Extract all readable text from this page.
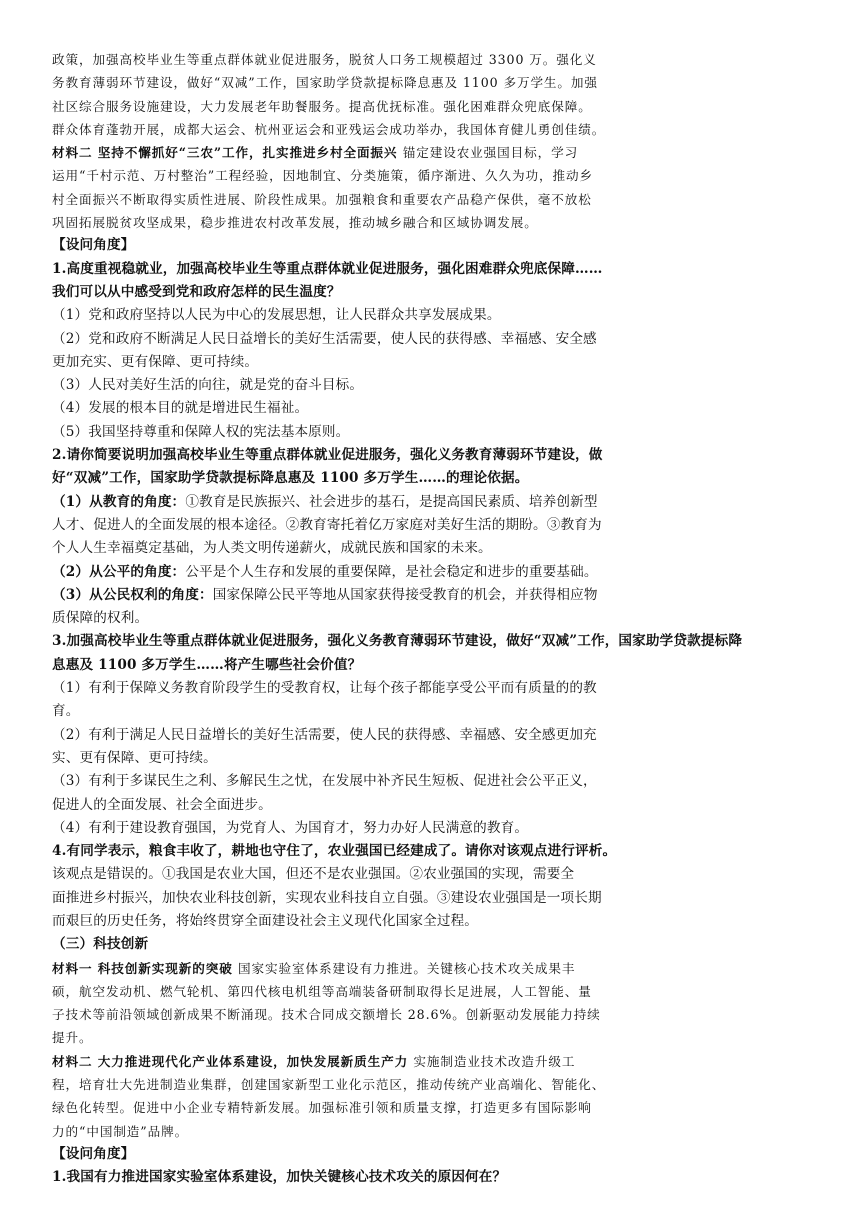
政策，加强高校毕业生等重点群体就业促进服务，脱贫人口务工规模超过 3300 万。强化义
务教育薄弱环节建设，做好“双减”工作，国家助学贷款提标降息惠及 1100 多万学生。加强
社区综合服务设施建设，大力发展老年助餐服务。提高优抚标准。强化困难群众兜底保障。
群众体育蓬勃开展，成都大运会、杭州亚运会和亚残运会成功举办，我国体育健儿勇创佳绩。
材料二 坚持不懈抓好“三农”工作，扎实推进乡村全面振兴 锚定建设农业强国目标，学习
运用“千村示范、万村整治”工程经验，因地制宜、分类施策，循序渐进、久久为功，推动乡
村全面振兴不断取得实质性进展、阶段性成果。加强粮食和重要农产品稳产保供，毫不放松
巩固拓展脱贫攻坚成果，稳步推进农村改革发展，推动城乡融合和区域协调发展。
【设问角度】
1.高度重视稳就业，加强高校毕业生等重点群体就业促进服务，强化困难群众兜底保障……
我们可以从中感受到党和政府怎样的民生温度？
（1）党和政府坚持以人民为中心的发展思想，让人民群众共享发展成果。
（2）党和政府不断满足人民日益增长的美好生活需要，使人民的获得感、幸福感、安全感
更加充实、更有保障、更可持续。
（3）人民对美好生活的向往，就是党的奋斗目标。
（4）发展的根本目的就是增进民生福祉。
（5）我国坚持尊重和保障人权的宪法基本原则。
2.请你简要说明加强高校毕业生等重点群体就业促进服务，强化义务教育薄弱环节建设，做
好“双减”工作，国家助学贷款提标降息惠及 1100 多万学生……的理论依据。
（1）从教育的角度：①教育是民族振兴、社会进步的基石，是提高国民素质、培养创新型
人才、促进人的全面发展的根本途径。②教育寄托着亿万家庭对美好生活的期盼。③教育为
个人人生幸福奠定基础，为人类文明传递薪火，成就民族和国家的未来。
（2）从公平的角度：公平是个人生存和发展的重要保障，是社会稳定和进步的重要基础。
（3）从公民权利的角度：国家保障公民平等地从国家获得接受教育的机会，并获得相应物
质保障的权利。
3.加强高校毕业生等重点群体就业促进服务，强化义务教育薄弱环节建设，做好“双减”工作，国家助学贷款提标降
息惠及 1100 多万学生……将产生哪些社会价值？
（1）有利于保障义务教育阶段学生的受教育权，让每个孩子都能享受公平而有质量的的教
育。
（2）有利于满足人民日益增长的美好生活需要，使人民的获得感、幸福感、安全感更加充
实、更有保障、更可持续。
（3）有利于多谋民生之利、多解民生之忧，在发展中补齐民生短板、促进社会公平正义，
促进人的全面发展、社会全面进步。
（4）有利于建设教育强国，为党育人、为国育才，努力办好人民满意的教育。
4.有同学表示，粮食丰收了，耕地也守住了，农业强国已经建成了。请你对该观点进行评析。
该观点是错误的。①我国是农业大国，但还不是农业强国。②农业强国的实现，需要全
面推进乡村振兴，加快农业科技创新，实现农业科技自立自强。③建设农业强国是一项长期
而艰巨的历史任务，将始终贯穿全面建设社会主义现代化国家全过程。
（三）科技创新
材料一 科技创新实现新的突破 国家实验室体系建设有力推进。关键核心技术攻关成果丰
硕，航空发动机、燃气轮机、第四代核电机组等高端装备研制取得长足进展，人工智能、量
子技术等前沿领域创新成果不断涌现。技术合同成交额增长 28.6%。创新驱动发展能力持续
提升。
材料二 大力推进现代化产业体系建设，加快发展新质生产力 实施制造业技术改造升级工
程，培育壮大先进制造业集群，创建国家新型工业化示范区，推动传统产业高端化、智能化、
绿色化转型。促进中小企业专精特新发展。加强标准引领和质量支撑，打造更多有国际影响
力的“中国制造”品牌。
【设问角度】
1.我国有力推进国家实验室体系建设，加快关键核心技术攻关的原因何在？
